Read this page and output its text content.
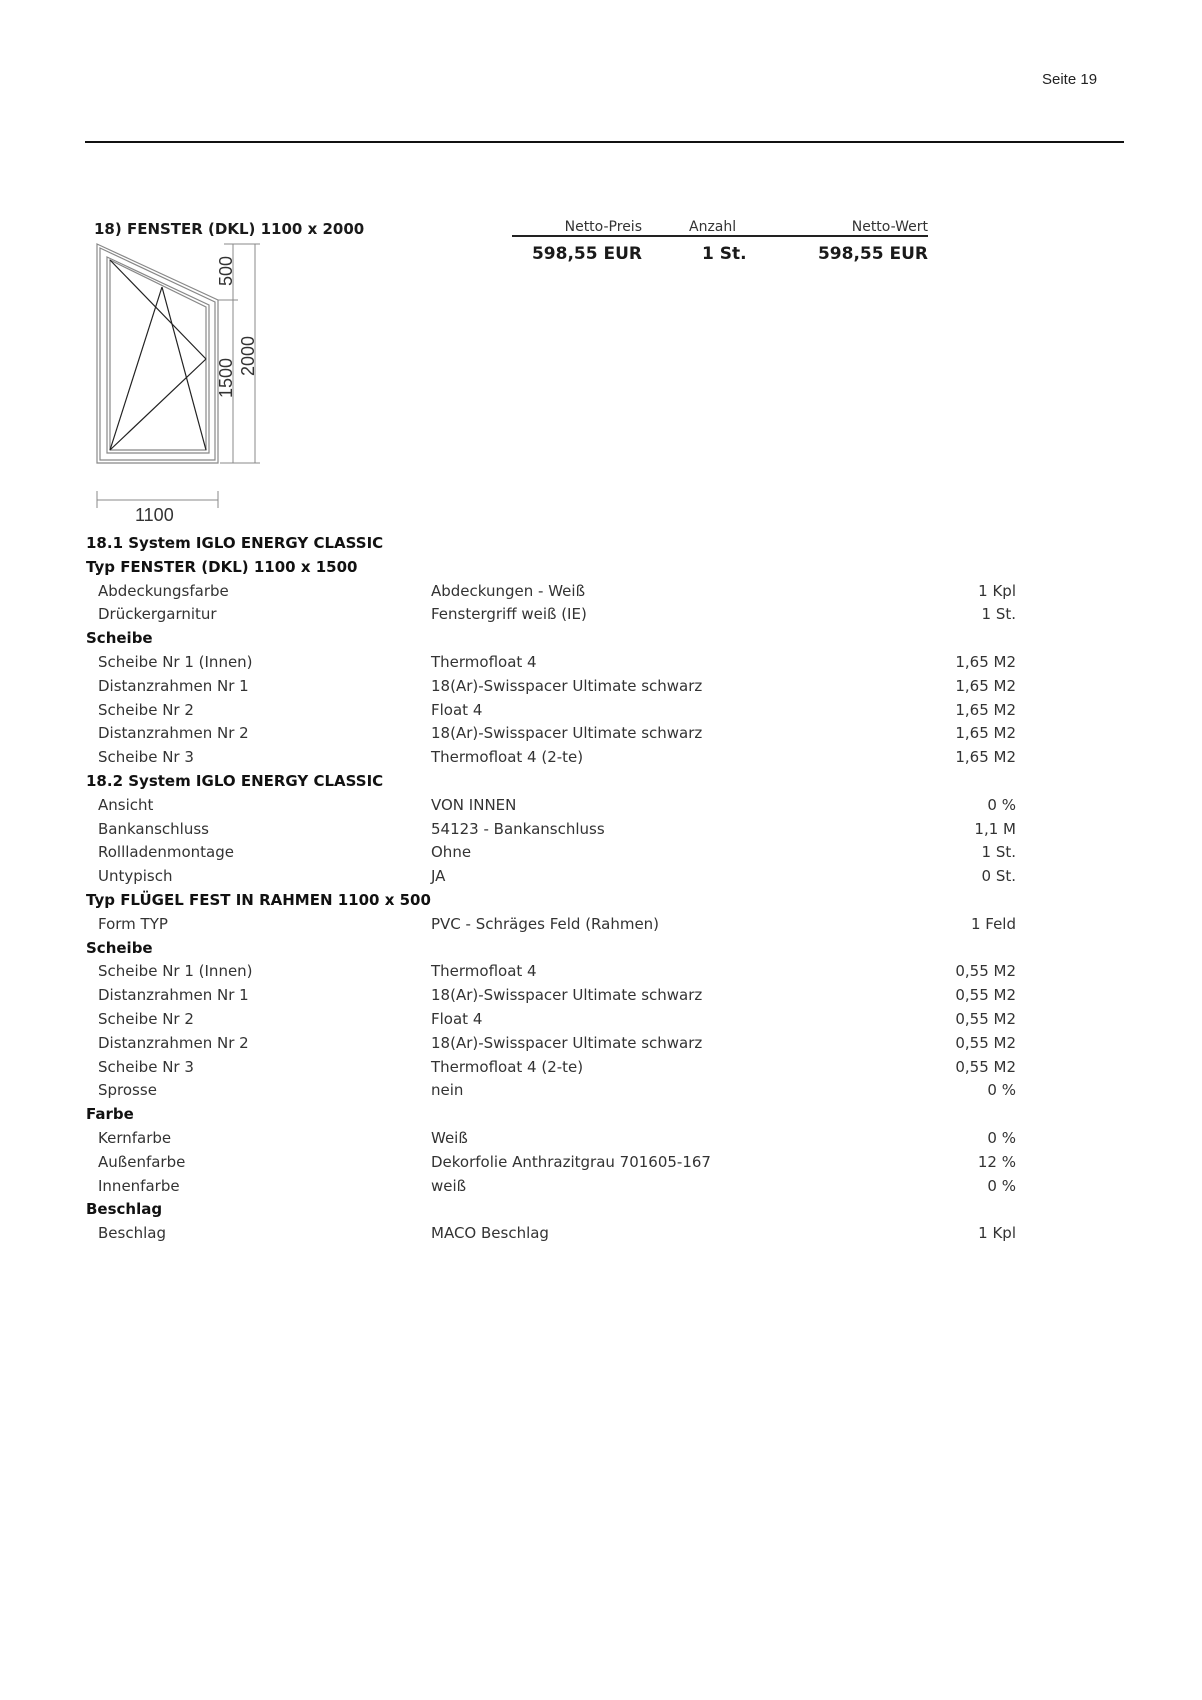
Seite 19
18) FENSTER (DKL) 1100 x 2000	Netto-Preis	Anzahl	Netto-Wert
598,55 EUR	1 St.	598,55 EUR
500
1500
2000
1100
18.1 System IGLO ENERGY CLASSIC
Typ FENSTER (DKL) 1100 x 1500
Abdeckungsfarbe	Abdeckungen - Weiß	1 Kpl
Drückergarnitur	Fenstergriff weiß (IE)	1 St.
Scheibe
Scheibe Nr 1 (Innen)	Thermofloat 4	1,65 M2
Distanzrahmen Nr 1	18(Ar)-Swisspacer Ultimate schwarz	1,65 M2
Scheibe Nr 2	Float 4	1,65 M2
Distanzrahmen Nr 2	18(Ar)-Swisspacer Ultimate schwarz	1,65 M2
Scheibe Nr 3	Thermofloat 4 (2-te)	1,65 M2
18.2 System IGLO ENERGY CLASSIC
Ansicht	VON INNEN	0 %
Bankanschluss	54123 - Bankanschluss	1,1 M
Rollladenmontage	Ohne	1 St.
Untypisch	JA	0 St.
Typ FLÜGEL FEST IN RAHMEN 1100 x 500
Form TYP	PVC - Schräges Feld (Rahmen)	1 Feld
Scheibe
Scheibe Nr 1 (Innen)	Thermofloat 4	0,55 M2
Distanzrahmen Nr 1	18(Ar)-Swisspacer Ultimate schwarz	0,55 M2
Scheibe Nr 2	Float 4	0,55 M2
Distanzrahmen Nr 2	18(Ar)-Swisspacer Ultimate schwarz	0,55 M2
Scheibe Nr 3	Thermofloat 4 (2-te)	0,55 M2
Sprosse	nein	0 %
Farbe
Kernfarbe	Weiß	0 %
Außenfarbe	Dekorfolie Anthrazitgrau 701605-167	12 %
Innenfarbe	weiß	0 %
Beschlag
Beschlag	MACO Beschlag	1 Kpl
